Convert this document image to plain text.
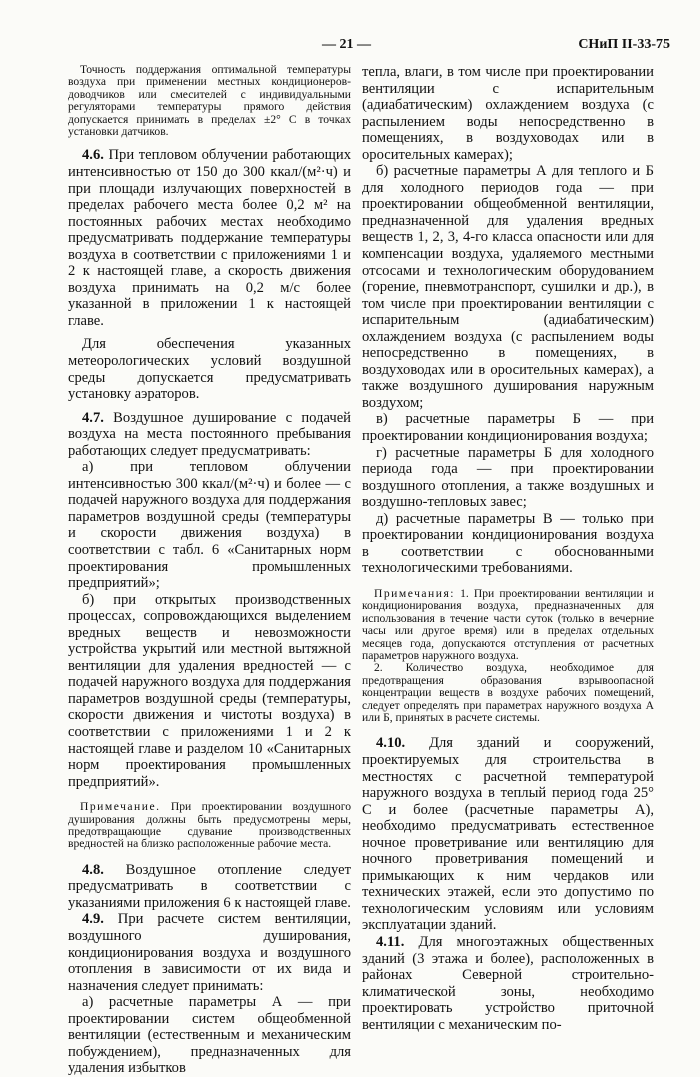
— 21 —	СНиП II-33-75

Точность поддержания оптимальной температуры воздуха при применении местных кондиционеров-доводчиков или смесителей с индивидуальными регуляторами температуры прямого действия допускается принимать в пределах ±2° С в точках установки датчиков.

4.6. При тепловом облучении работающих интенсивностью от 150 до 300 ккал/(м²·ч) и при площади излучающих поверхностей в пределах рабочего места более 0,2 м² на постоянных рабочих местах необходимо предусматривать поддержание температуры воздуха в соответствии с приложениями 1 и 2 к настоящей главе, а скорость движения воздуха принимать на 0,2 м/с более указанной в приложении 1 к настоящей главе.

Для обеспечения указанных метеорологических условий воздушной среды допускается предусматривать установку аэраторов.

4.7. Воздушное душирование с подачей воздуха на места постоянного пребывания работающих следует предусматривать:

а) при тепловом облучении интенсивностью 300 ккал/(м²·ч) и более — с подачей наружного воздуха для поддержания параметров воздушной среды (температуры и скорости движения воздуха) в соответствии с табл. 6 «Санитарных норм проектирования промышленных предприятий»;

б) при открытых производственных процессах, сопровождающихся выделением вредных веществ и невозможности устройства укрытий или местной вытяжной вентиляции для удаления вредностей — с подачей наружного воздуха для поддержания параметров воздушной среды (температуры, скорости движения и чистоты воздуха) в соответствии с приложениями 1 и 2 к настоящей главе и разделом 10 «Санитарных норм проектирования промышленных предприятий».

Примечание. При проектировании воздушного душирования должны быть предусмотрены меры, предотвращающие сдувание производственных вредностей на близко расположенные рабочие места.

4.8. Воздушное отопление следует предусматривать в соответствии с указаниями приложения 6 к настоящей главе.

4.9. При расчете систем вентиляции, воздушного душирования, кондиционирования воздуха и воздушного отопления в зависимости от их вида и назначения следует принимать:

а) расчетные параметры А — при проектировании систем общеобменной вентиляции (естественным и механическим побуждением), предназначенных для удаления избытков

тепла, влаги, в том числе при проектировании вентиляции с испарительным (адиабатическим) охлаждением воздуха (с распылением воды непосредственно в помещениях, в воздуховодах или в оросительных камерах);

б) расчетные параметры А для теплого и Б для холодного периодов года — при проектировании общеобменной вентиляции, предназначенной для удаления вредных веществ 1, 2, 3, 4-го класса опасности или для компенсации воздуха, удаляемого местными отсосами и технологическим оборудованием (горение, пневмотранспорт, сушилки и др.), в том числе при проектировании вентиляции с испарительным (адиабатическим) охлаждением воздуха (с распылением воды непосредственно в помещениях, в воздуховодах или в оросительных камерах), а также воздушного душирования наружным воздухом;

в) расчетные параметры Б — при проектировании кондиционирования воздуха;

г) расчетные параметры Б для холодного периода года — при проектировании воздушного отопления, а также воздушных и воздушно-тепловых завес;

д) расчетные параметры В — только при проектировании кондиционирования воздуха в соответствии с обоснованными технологическими требованиями.

Примечания: 1. При проектировании вентиляции и кондиционирования воздуха, предназначенных для использования в течение части суток (только в вечерние часы или другое время) или в пределах отдельных месяцев года, допускаются отступления от расчетных параметров наружного воздуха.

2. Количество воздуха, необходимое для предотвращения образования взрывоопасной концентрации веществ в воздухе рабочих помещений, следует определять при параметрах наружного воздуха А или Б, принятых в расчете системы.

4.10. Для зданий и сооружений, проектируемых для строительства в местностях с расчетной температурой наружного воздуха в теплый период года 25° С и более (расчетные параметры А), необходимо предусматривать естественное ночное проветривание или вентиляцию для ночного проветривания помещений и примыкающих к ним чердаков или технических этажей, если это допустимо по технологическим условиям или условиям эксплуатации зданий.

4.11. Для многоэтажных общественных зданий (3 этажа и более), расположенных в районах Северной строительно-климатической зоны, необходимо проектировать устройство приточной вентиляции с механическим по-
